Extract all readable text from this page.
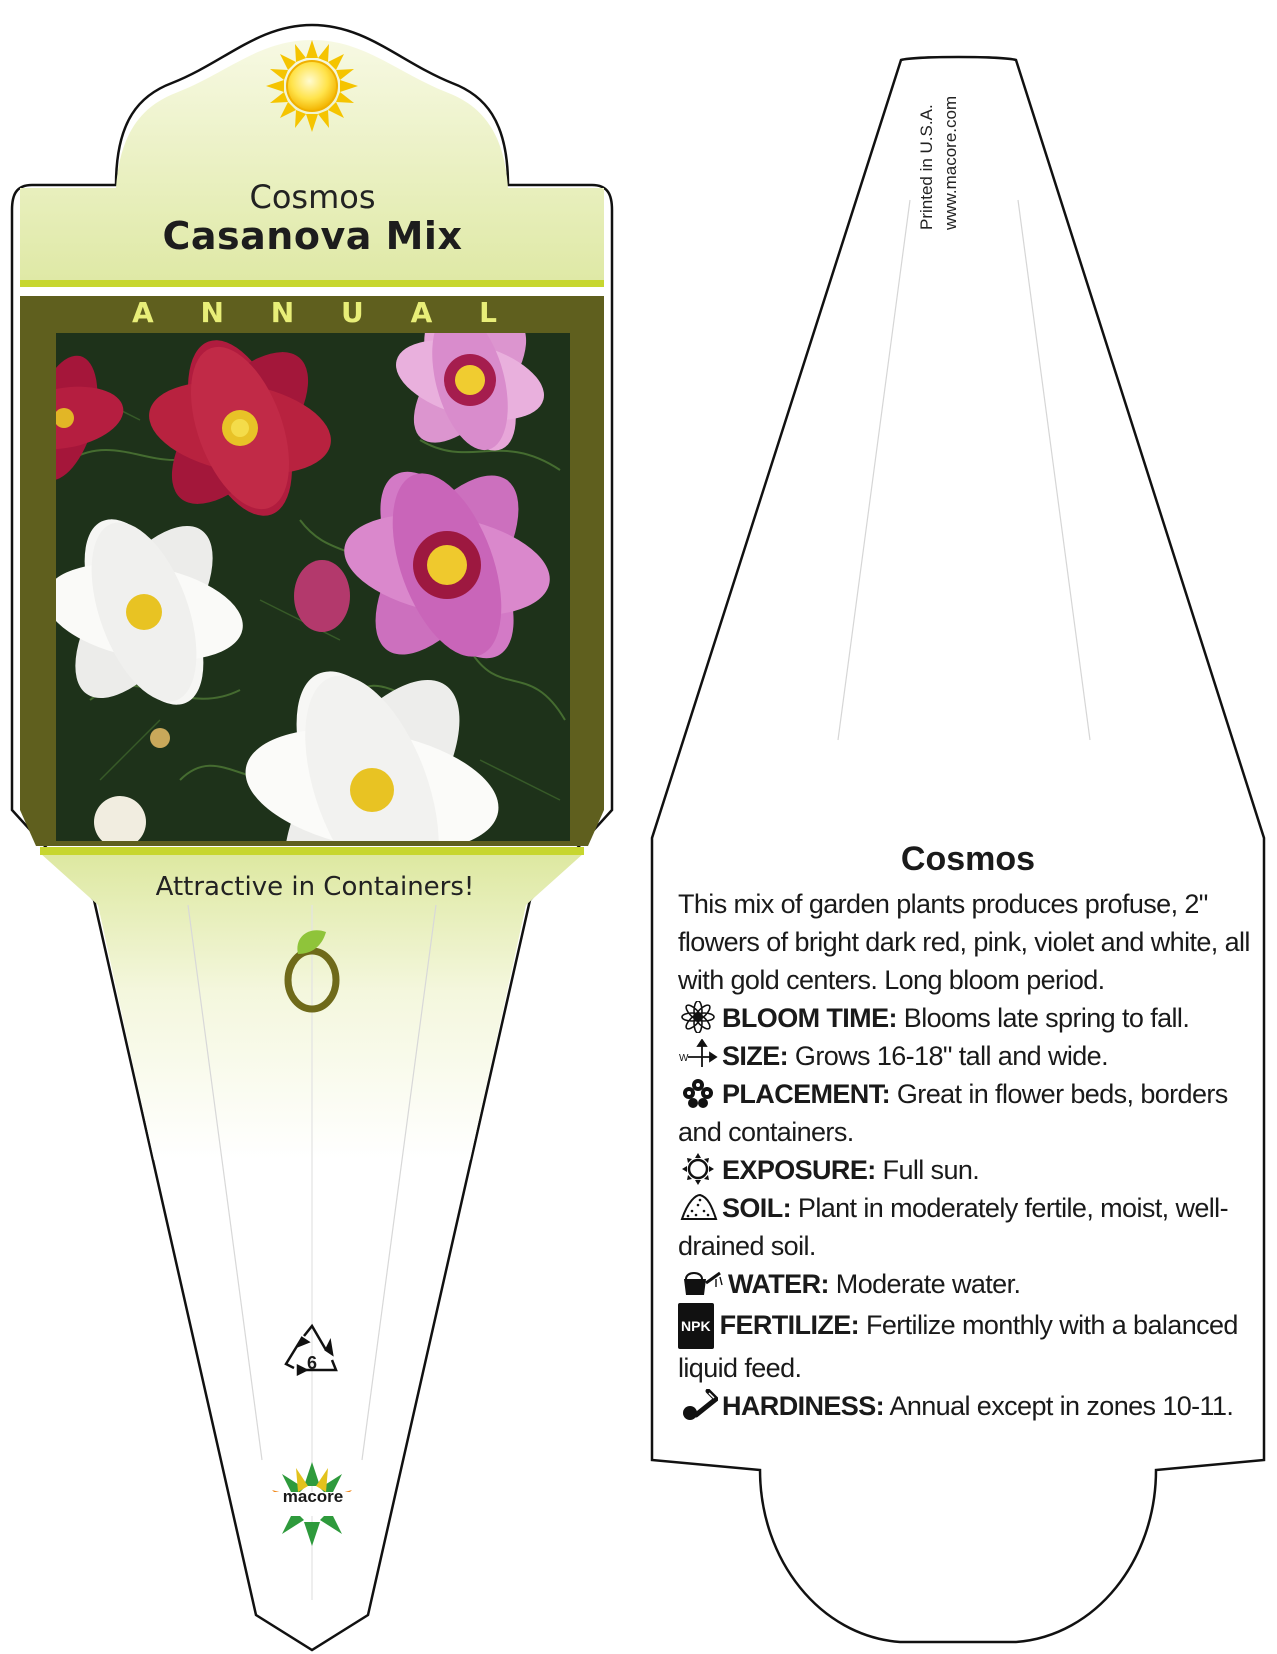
Cosmos
Casanova Mix
A N N U A L
Attractive in Containers!
6
macore
Printed in U.S.A. www.macore.com
Cosmos

This mix of garden plants produces profuse, 2" flowers of bright dark red, pink, violet and white, all with gold centers. Long bloom period.

BLOOM TIME: Blooms late spring to fall.

W SIZE: Grows 16-18" tall and wide.

PLACEMENT: Great in flower beds, borders and containers.

EXPOSURE: Full sun.

SOIL: Plant in moderately fertile, moist, well-drained soil.

WATER: Moderate water.

NPK FERTILIZE: Fertilize monthly with a balanced liquid feed.

HARDINESS: Annual except in zones 10-11.
